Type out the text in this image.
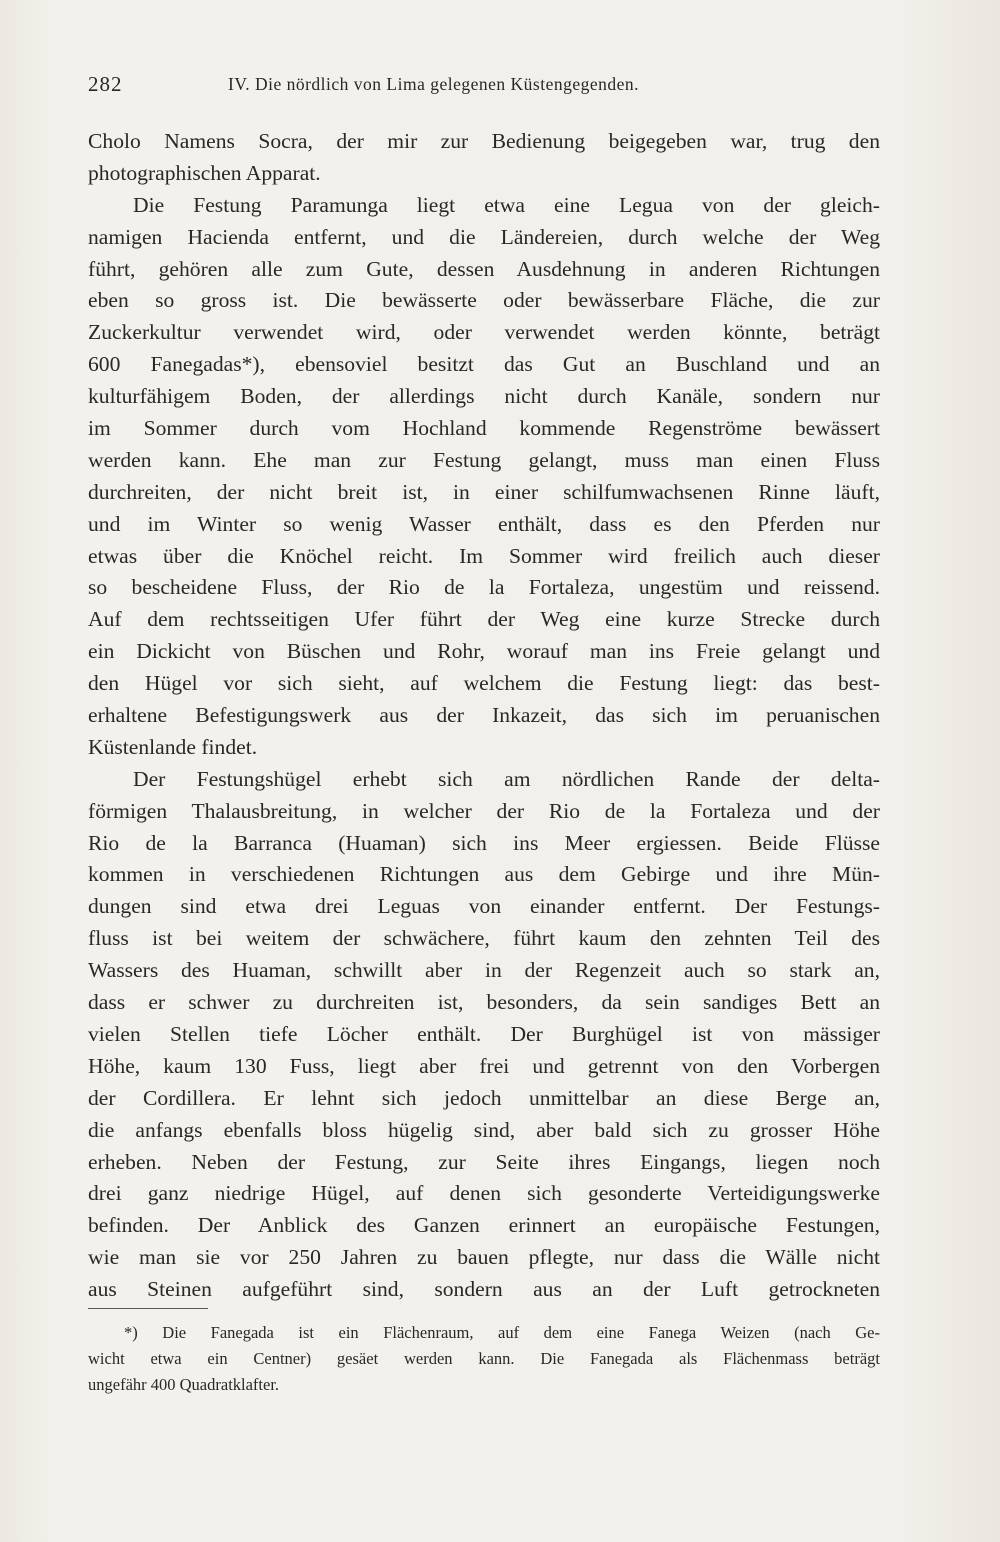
282	IV. Die nördlich von Lima gelegenen Küstengegenden.
Cholo Namens Socra, der mir zur Bedienung beigegeben war, trug den
photographischen Apparat.
Die Festung Paramunga liegt etwa eine Legua von der gleich-
namigen Hacienda entfernt, und die Ländereien, durch welche der Weg
führt, gehören alle zum Gute, dessen Ausdehnung in anderen Richtungen
eben so gross ist. Die bewässerte oder bewässerbare Fläche, die zur
Zuckerkultur verwendet wird, oder verwendet werden könnte, beträgt
600 Fanegadas*), ebensoviel besitzt das Gut an Buschland und an
kulturfähigem Boden, der allerdings nicht durch Kanäle, sondern nur
im Sommer durch vom Hochland kommende Regenströme bewässert
werden kann. Ehe man zur Festung gelangt, muss man einen Fluss
durchreiten, der nicht breit ist, in einer schilfumwachsenen Rinne läuft,
und im Winter so wenig Wasser enthält, dass es den Pferden nur
etwas über die Knöchel reicht. Im Sommer wird freilich auch dieser
so bescheidene Fluss, der Rio de la Fortaleza, ungestüm und reissend.
Auf dem rechtsseitigen Ufer führt der Weg eine kurze Strecke durch
ein Dickicht von Büschen und Rohr, worauf man ins Freie gelangt und
den Hügel vor sich sieht, auf welchem die Festung liegt: das best-
erhaltene Befestigungswerk aus der Inkazeit, das sich im peruanischen
Küstenlande findet.
Der Festungshügel erhebt sich am nördlichen Rande der delta-
förmigen Thalausbreitung, in welcher der Rio de la Fortaleza und der
Rio de la Barranca (Huaman) sich ins Meer ergiessen. Beide Flüsse
kommen in verschiedenen Richtungen aus dem Gebirge und ihre Mün-
dungen sind etwa drei Leguas von einander entfernt. Der Festungs-
fluss ist bei weitem der schwächere, führt kaum den zehnten Teil des
Wassers des Huaman, schwillt aber in der Regenzeit auch so stark an,
dass er schwer zu durchreiten ist, besonders, da sein sandiges Bett an
vielen Stellen tiefe Löcher enthält. Der Burghügel ist von mässiger
Höhe, kaum 130 Fuss, liegt aber frei und getrennt von den Vorbergen
der Cordillera. Er lehnt sich jedoch unmittelbar an diese Berge an,
die anfangs ebenfalls bloss hügelig sind, aber bald sich zu grosser Höhe
erheben. Neben der Festung, zur Seite ihres Eingangs, liegen noch
drei ganz niedrige Hügel, auf denen sich gesonderte Verteidigungswerke
befinden. Der Anblick des Ganzen erinnert an europäische Festungen,
wie man sie vor 250 Jahren zu bauen pflegte, nur dass die Wälle nicht
aus Steinen aufgeführt sind, sondern aus an der Luft getrockneten
*) Die Fanegada ist ein Flächenraum, auf dem eine Fanega Weizen (nach Ge-
wicht etwa ein Centner) gesäet werden kann. Die Fanegada als Flächenmass beträgt
ungefähr 400 Quadratklafter.
